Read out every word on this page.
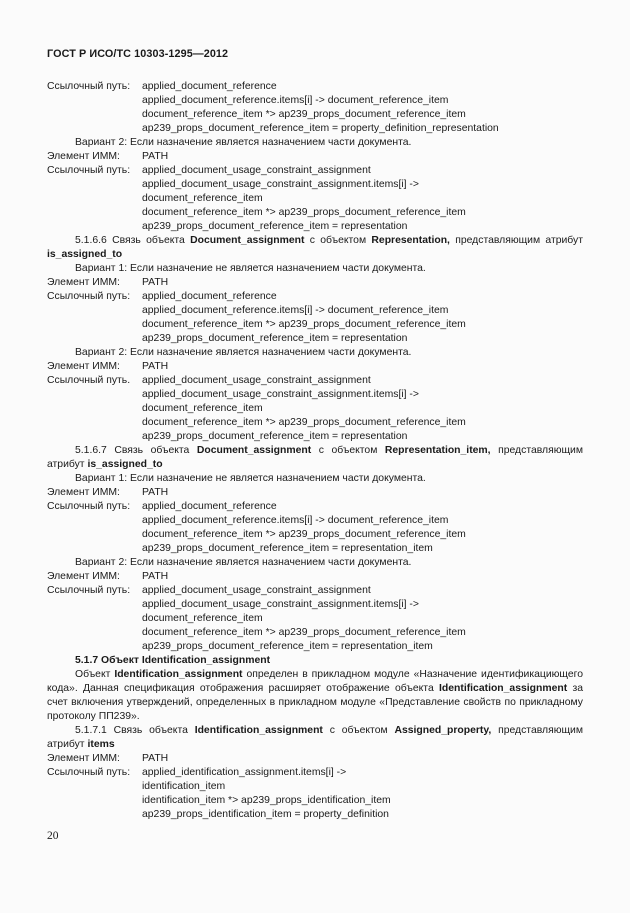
ГОСТ Р ИСО/ТС 10303-1295—2012
Ссылочный путь: applied_document_reference
applied_document_reference.items[i] -> document_reference_item
document_reference_item *> ap239_props_document_reference_item
ap239_props_document_reference_item = property_definition_representation
Вариант 2: Если назначение является назначением части документа.
Элемент ИММ: PATH
Ссылочный путь: applied_document_usage_constraint_assignment
applied_document_usage_constraint_assignment.items[i] ->
document_reference_item
document_reference_item *> ap239_props_document_reference_item
ap239_props_document_reference_item = representation
5.1.6.6 Связь объекта Document_assignment с объектом Representation, представляющим атрибут is_assigned_to
Вариант 1: Если назначение не является назначением части документа.
Элемент ИММ: PATH
Ссылочный путь: applied_document_reference
applied_document_reference.items[i] -> document_reference_item
document_reference_item *> ap239_props_document_reference_item
ap239_props_document_reference_item = representation
Вариант 2: Если назначение является назначением части документа.
Элемент ИММ: PATH
Ссылочный путь. applied_document_usage_constraint_assignment
applied_document_usage_constraint_assignment.items[i] ->
document_reference_item
document_reference_item *> ap239_props_document_reference_item
ap239_props_document_reference_item = representation
5.1.6.7 Связь объекта Document_assignment с объектом Representation_item, представляющим атрибут is_assigned_to
Вариант 1: Если назначение не является назначением части документа.
Элемент ИММ: PATH
Ссылочный путь: applied_document_reference
applied_document_reference.items[i] -> document_reference_item
document_reference_item *> ap239_props_document_reference_item
ap239_props_document_reference_item = representation_item
Вариант 2: Если назначение является назначением части документа.
Элемент ИММ: PATH
Ссылочный путь: applied_document_usage_constraint_assignment
applied_document_usage_constraint_assignment.items[i] ->
document_reference_item
document_reference_item *> ap239_props_document_reference_item
ap239_props_document_reference_item = representation_item
5.1.7 Объект Identification_assignment
Объект Identification_assignment определен в прикладном модуле «Назначение идентификациющего кода». Данная спецификация отображения расширяет отображение объекта Identification_assignment за счет включения утверждений, определенных в прикладном модуле «Представление свойств по прикладному протоколу ПП239».
5.1.7.1 Связь объекта Identification_assignment с объектом Assigned_property, представляющим атрибут items
Элемент ИММ: PATH
Ссылочный путь: applied_identification_assignment.items[i] ->
identification_item
identification_item *> ap239_props_identification_item
ap239_props_identification_item = property_definition
20
